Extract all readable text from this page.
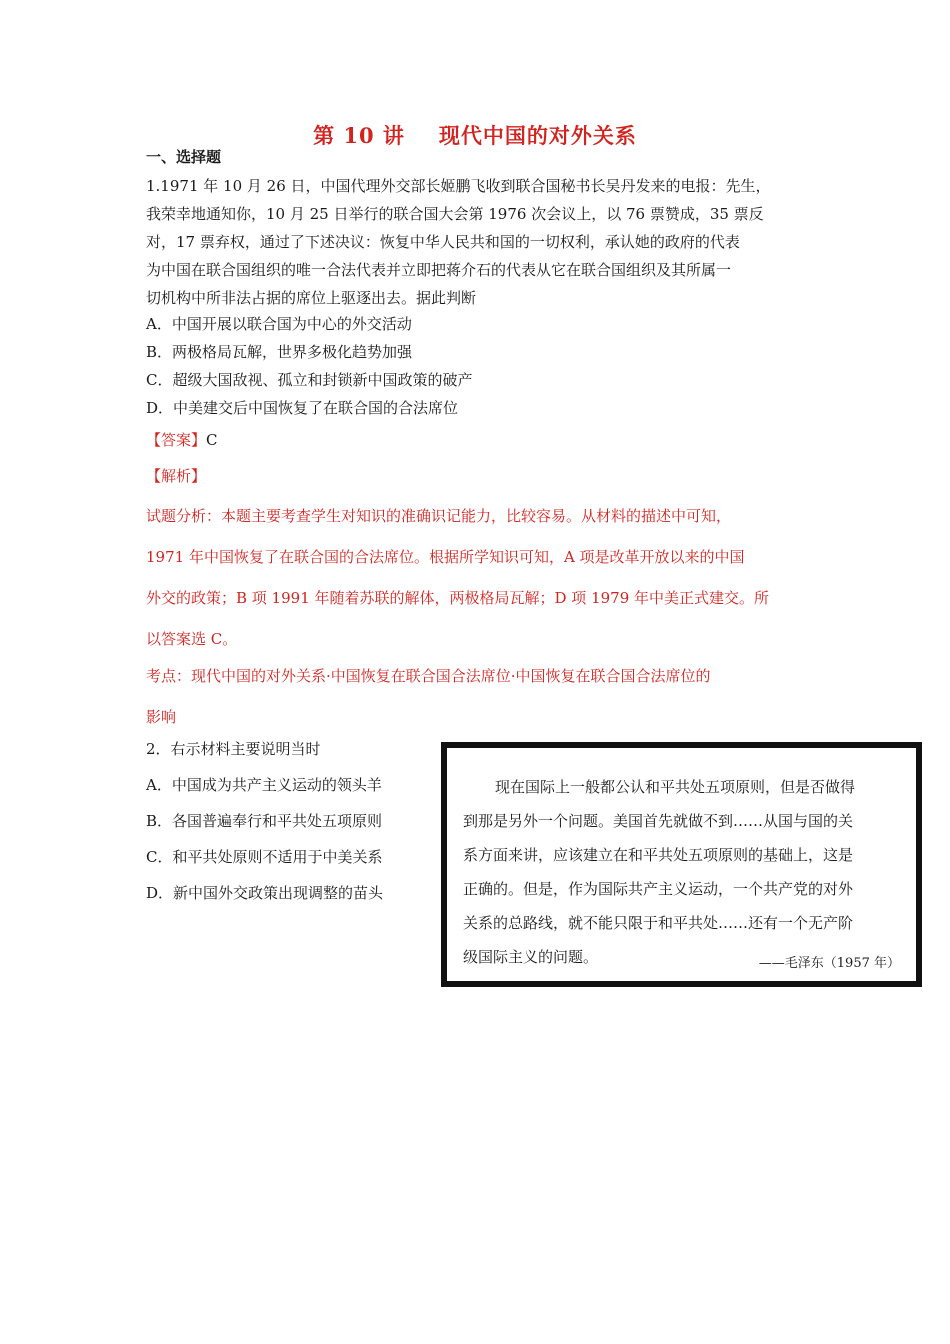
第 10 讲 现代中国的对外关系
一、选择题
1.1971 年 10 月 26 日，中国代理外交部长姬鹏飞收到联合国秘书长吴丹发来的电报：先生，
我荣幸地通知你，10 月 25 日举行的联合国大会第 1976 次会议上，以 76 票赞成，35 票反
对，17 票弃权，通过了下述决议：恢复中华人民共和国的一切权利，承认她的政府的代表
为中国在联合国组织的唯一合法代表并立即把蒋介石的代表从它在联合国组织及其所属一
切机构中所非法占据的席位上驱逐出去。据此判断
A．中国开展以联合国为中心的外交活动
B．两极格局瓦解，世界多极化趋势加强
C．超级大国敌视、孤立和封锁新中国政策的破产
D．中美建交后中国恢复了在联合国的合法席位
【答案】C
【解析】
试题分析：本题主要考查学生对知识的准确识记能力，比较容易。从材料的描述中可知，
1971 年中国恢复了在联合国的合法席位。根据所学知识可知，A 项是改革开放以来的中国
外交的政策；B 项 1991 年随着苏联的解体，两极格局瓦解；D 项 1979 年中美正式建交。所
以答案选 C。
考点：现代中国的对外关系·中国恢复在联合国合法席位·中国恢复在联合国合法席位的
影响
2．右示材料主要说明当时
A．中国成为共产主义运动的领头羊
B．各国普遍奉行和平共处五项原则
C．和平共处原则不适用于中美关系
D．新中国外交政策出现调整的苗头
现在国际上一般都公认和平共处五项原则，但是否做得
到那是另外一个问题。美国首先就做不到……从国与国的关
系方面来讲，应该建立在和平共处五项原则的基础上，这是
正确的。但是，作为国际共产主义运动，一个共产党的对外
关系的总路线，就不能只限于和平共处……还有一个无产阶
级国际主义的问题。	——毛泽东（1957 年）
